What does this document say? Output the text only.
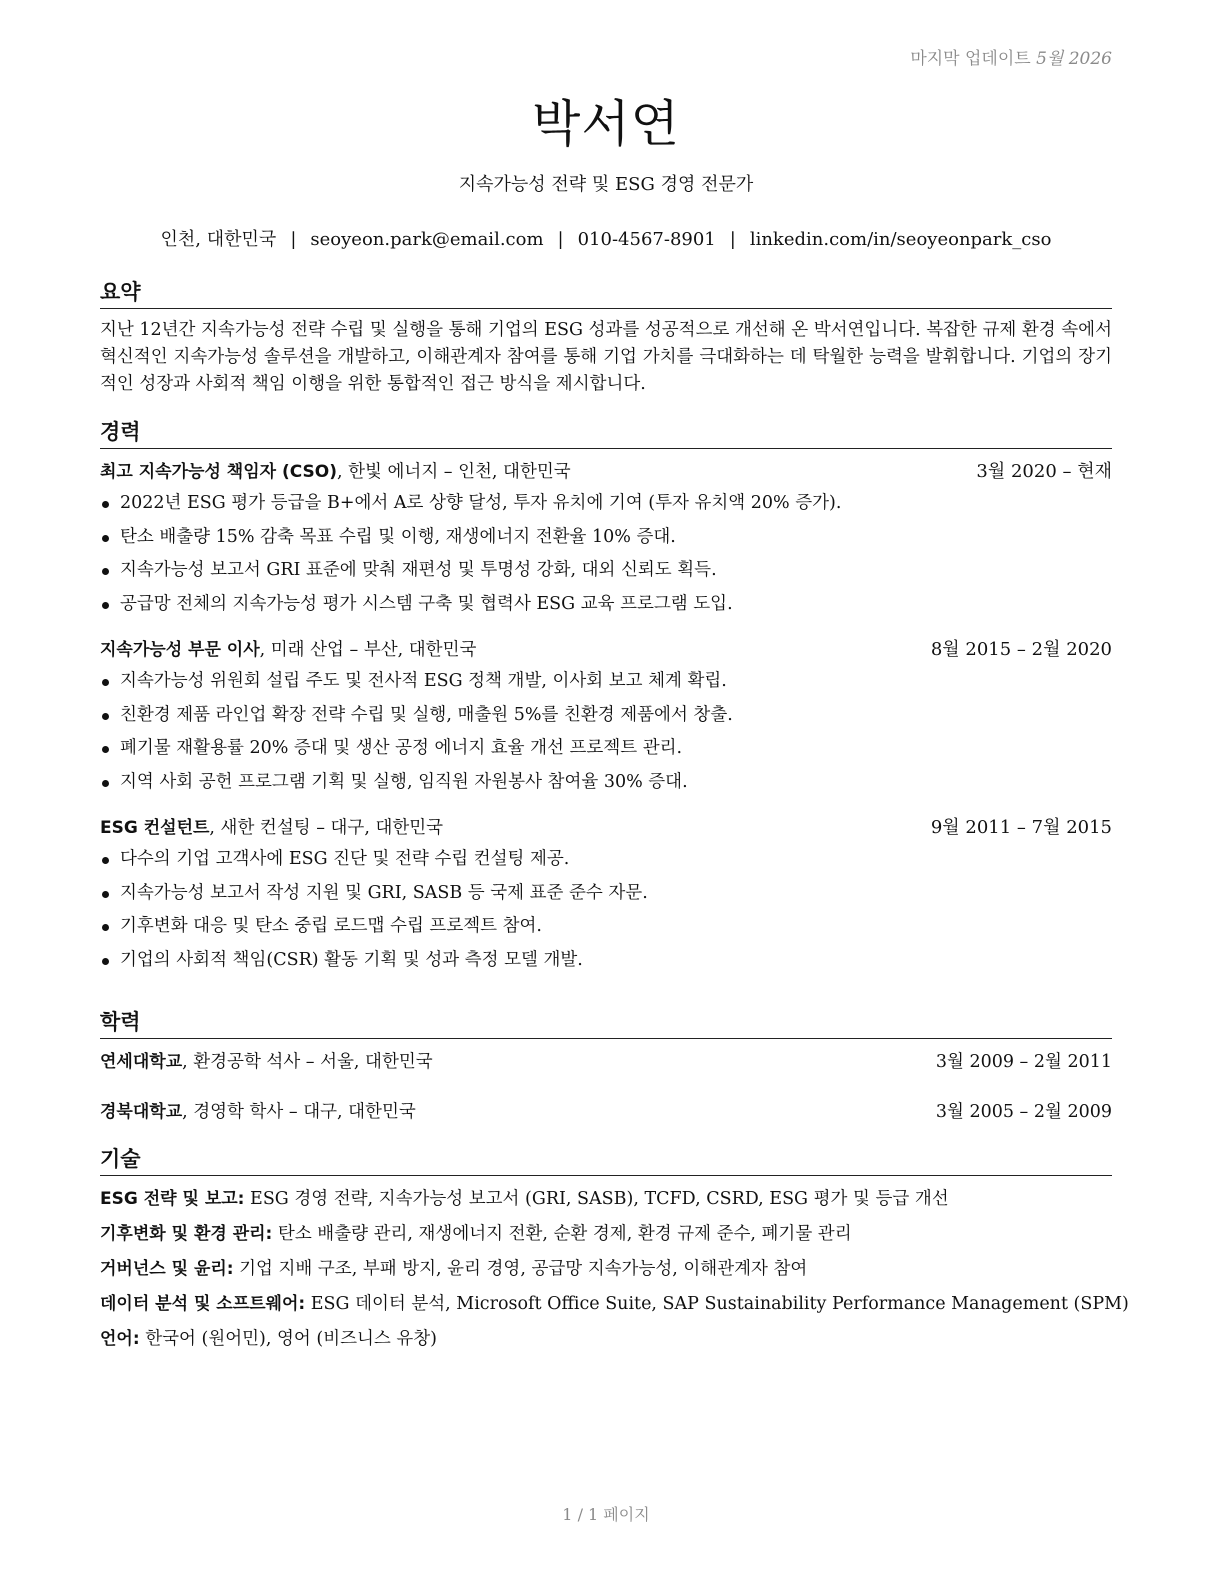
마지막 업데이트 5월 2026
박서연
지속가능성 전략 및 ESG 경영 전문가
인천, 대한민국 | seoyeon.park@email.com | 010-4567-8901 | linkedin.com/in/seoyeonpark_cso
요약

지난 12년간 지속가능성 전략 수립 및 실행을 통해 기업의 ESG 성과를 성공적으로 개선해 온 박서연입니다. 복잡한 규제 환경 속에서 혁신적인 지속가능성 솔루션을 개발하고, 이해관계자 참여를 통해 기업 가치를 극대화하는 데 탁월한 능력을 발휘합니다. 기업의 장기적인 성장과 사회적 책임 이행을 위한 통합적인 접근 방식을 제시합니다.

경력
최고 지속가능성 책임자 (CSO), 한빛 에너지 – 인천, 대한민국	3월 2020 – 현재
2022년 ESG 평가 등급을 B+에서 A로 상향 달성, 투자 유치에 기여 (투자 유치액 20% 증가).
탄소 배출량 15% 감축 목표 수립 및 이행, 재생에너지 전환율 10% 증대.
지속가능성 보고서 GRI 표준에 맞춰 재편성 및 투명성 강화, 대외 신뢰도 획득.
공급망 전체의 지속가능성 평가 시스템 구축 및 협력사 ESG 교육 프로그램 도입.
지속가능성 부문 이사, 미래 산업 – 부산, 대한민국	8월 2015 – 2월 2020
지속가능성 위원회 설립 주도 및 전사적 ESG 정책 개발, 이사회 보고 체계 확립.
친환경 제품 라인업 확장 전략 수립 및 실행, 매출원 5%를 친환경 제품에서 창출.
폐기물 재활용률 20% 증대 및 생산 공정 에너지 효율 개선 프로젝트 관리.
지역 사회 공헌 프로그램 기획 및 실행, 임직원 자원봉사 참여율 30% 증대.
ESG 컨설턴트, 새한 컨설팅 – 대구, 대한민국	9월 2011 – 7월 2015
다수의 기업 고객사에 ESG 진단 및 전략 수립 컨설팅 제공.
지속가능성 보고서 작성 지원 및 GRI, SASB 등 국제 표준 준수 자문.
기후변화 대응 및 탄소 중립 로드맵 수립 프로젝트 참여.
기업의 사회적 책임(CSR) 활동 기획 및 성과 측정 모델 개발.
학력
연세대학교, 환경공학 석사 – 서울, 대한민국	3월 2009 – 2월 2011
경북대학교, 경영학 학사 – 대구, 대한민국	3월 2005 – 2월 2009
기술
ESG 전략 및 보고: ESG 경영 전략, 지속가능성 보고서 (GRI, SASB), TCFD, CSRD, ESG 평가 및 등급 개선
기후변화 및 환경 관리: 탄소 배출량 관리, 재생에너지 전환, 순환 경제, 환경 규제 준수, 폐기물 관리
거버넌스 및 윤리: 기업 지배 구조, 부패 방지, 윤리 경영, 공급망 지속가능성, 이해관계자 참여
데이터 분석 및 소프트웨어: ESG 데이터 분석, Microsoft Office Suite, SAP Sustainability Performance Management (SPM)
언어: 한국어 (원어민), 영어 (비즈니스 유창)
1 / 1 페이지
